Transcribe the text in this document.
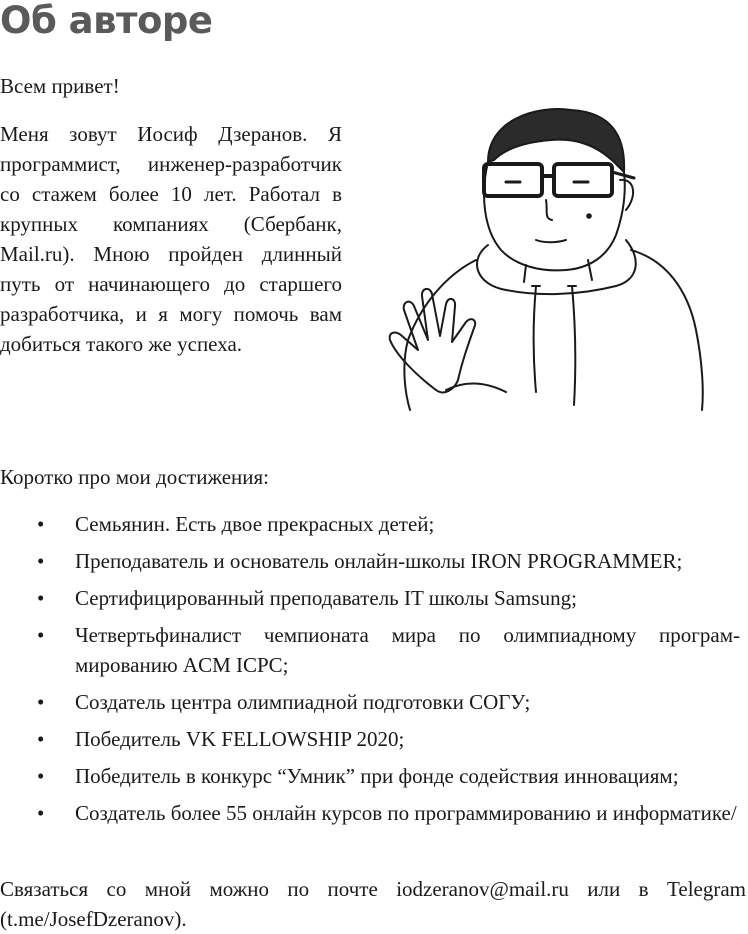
Об авторе

Всем привет!

Меня зовут Иосиф Дзеранов. Я программист, инженер-разработчик со стажем более 10 лет. Работал в крупных компаниях (Сбербанк, Mail.ru). Мною пройден длинный путь от начинающего до старшего разработчика, и я могу помочь вам добиться такого же успеха.

Коротко про мои достижения:

• Семьянин. Есть двое прекрасных детей;
• Преподаватель и основатель онлайн-школы IRON PROGRAMMER;
• Сертифицированный преподаватель IT школы Samsung;
• Четвертьфиналист чемпионата мира по олимпиадному программированию ACM ICPC;
• Создатель центра олимпиадной подготовки СОГУ;
• Победитель VK FELLOWSHIP 2020;
• Победитель в конкурс “Умник” при фонде содействия инновациям;
• Создатель более 55 онлайн курсов по программированию и информатике/

Связаться со мной можно по почте iodzeranov@mail.ru или в Telegram (t.me/JosefDzeranov).
